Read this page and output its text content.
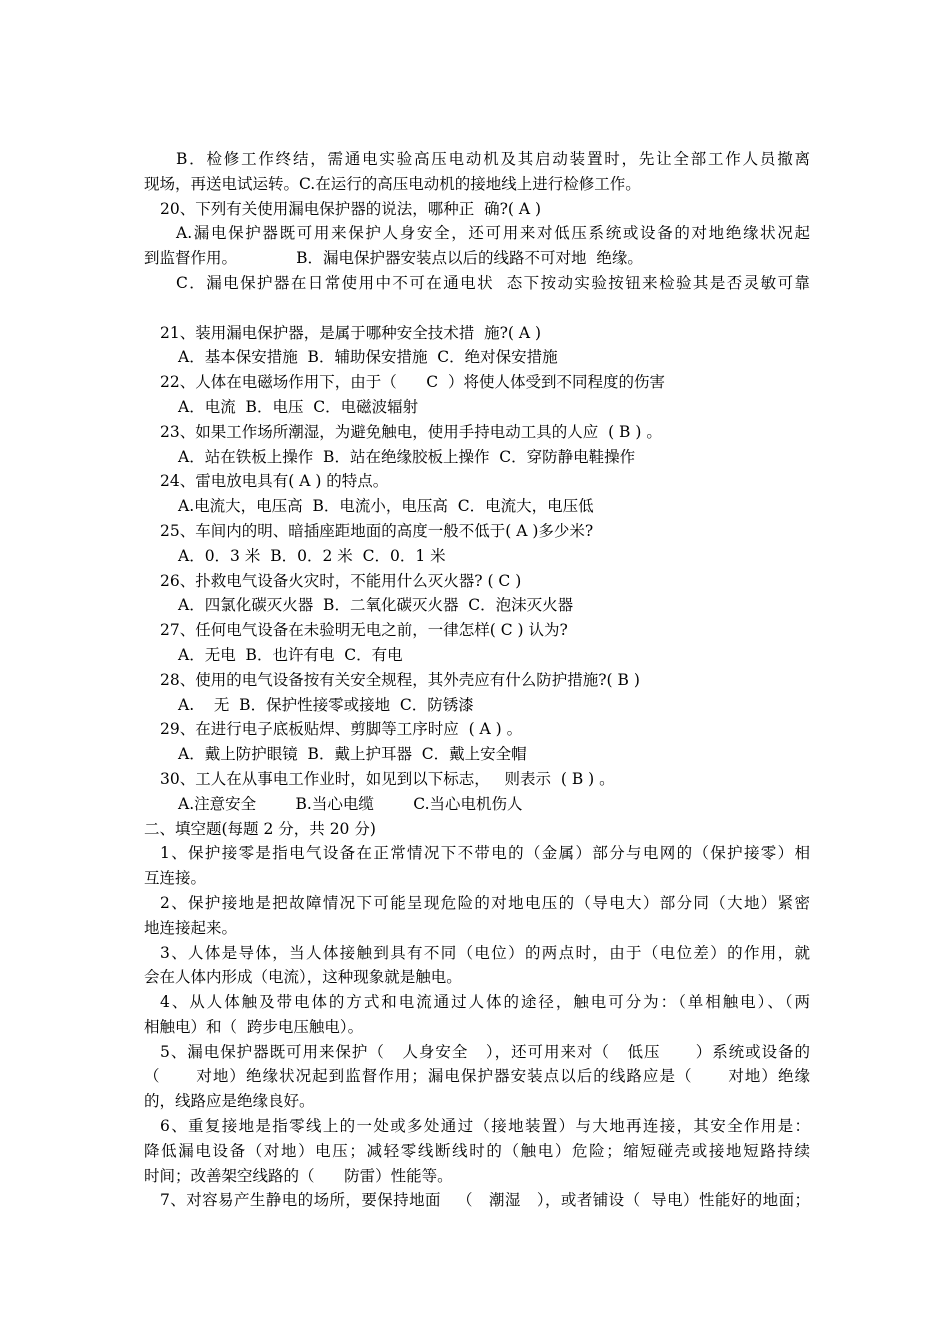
B．检修工作终结，需通电实验高压电动机及其启动装置时，先让全部工作人员撤离
现场，再送电试运转。C.在运行的高压电动机的接地线上进行检修工作。
20、下列有关使用漏电保护器的说法，哪种正  确?( A )
A.漏电保护器既可用来保护人身安全，还可用来对低压系统或设备的对地绝缘状况起
到监督作用。            B．漏电保护器安装点以后的线路不可对地  绝缘。
C．漏电保护器在日常使用中不可在通电状  态下按动实验按钮来检验其是否灵敏可靠
21、装用漏电保护器，是属于哪种安全技术措  施?( A )
A．基本保安措施  B．辅助保安措施  C．绝对保安措施
22、人体在电磁场作用下，由于（      C  ）将使人体受到不同程度的伤害
A．电流  B．电压  C．电磁波辐射
23、如果工作场所潮湿，为避免触电，使用手持电动工具的人应  ( B ) 。
A．站在铁板上操作  B．站在绝缘胶板上操作  C．穿防静电鞋操作
24、雷电放电具有( A ) 的特点。
A.电流大，电压高  B．电流小，电压高  C．电流大，电压低
25、车间内的明、暗插座距地面的高度一般不低于( A )多少米?
A．0．3 米  B．0．2 米  C．0．1 米
26、扑救电气设备火灾时，不能用什么灭火器? ( C )
A．四氯化碳灭火器  B．二氧化碳灭火器  C．泡沫灭火器
27、任何电气设备在未验明无电之前，一律怎样( C ) 认为?
A．无电  B．也许有电  C．有电
28、使用的电气设备按有关安全规程，其外壳应有什么防护措施?( B )
A.    无  B．保护性接零或接地  C．防锈漆
29、在进行电子底板贴焊、剪脚等工序时应  ( A ) 。
A．戴上防护眼镜  B．戴上护耳器  C．戴上安全帽
30、工人在从事电工作业时，如见到以下标志，   则表示  ( B ) 。
A.注意安全        B.当心电缆        C.当心电机伤人
二、填空题(每题 2 分，共 20 分)
1、保护接零是指电气设备在正常情况下不带电的（金属）部分与电网的（保护接零）相
互连接。
2、保护接地是把故障情况下可能呈现危险的对地电压的（导电大）部分同（大地）紧密
地连接起来。
3、人体是导体，当人体接触到具有不同（电位）的两点时，由于（电位差）的作用，就
会在人体内形成（电流），这种现象就是触电。
4、从人体触及带电体的方式和电流通过人体的途径，触电可分为：（单相触电）、（两
相触电）和（  跨步电压触电）。
5、漏电保护器既可用来保护（   人身安全   ），还可用来对（   低压      ）系统或设备的
（      对地）绝缘状况起到监督作用；漏电保护器安装点以后的线路应是（      对地）绝缘
的，线路应是绝缘良好。
6、重复接地是指零线上的一处或多处通过（接地装置）与大地再连接，其安全作用是：
降低漏电设备（对地）电压；减轻零线断线时的（触电）危险；缩短碰壳或接地短路持续
时间；改善架空线路的（      防雷）性能等。
7、对容易产生静电的场所，要保持地面   （   潮湿   ），或者铺设（  导电）性能好的地面；
